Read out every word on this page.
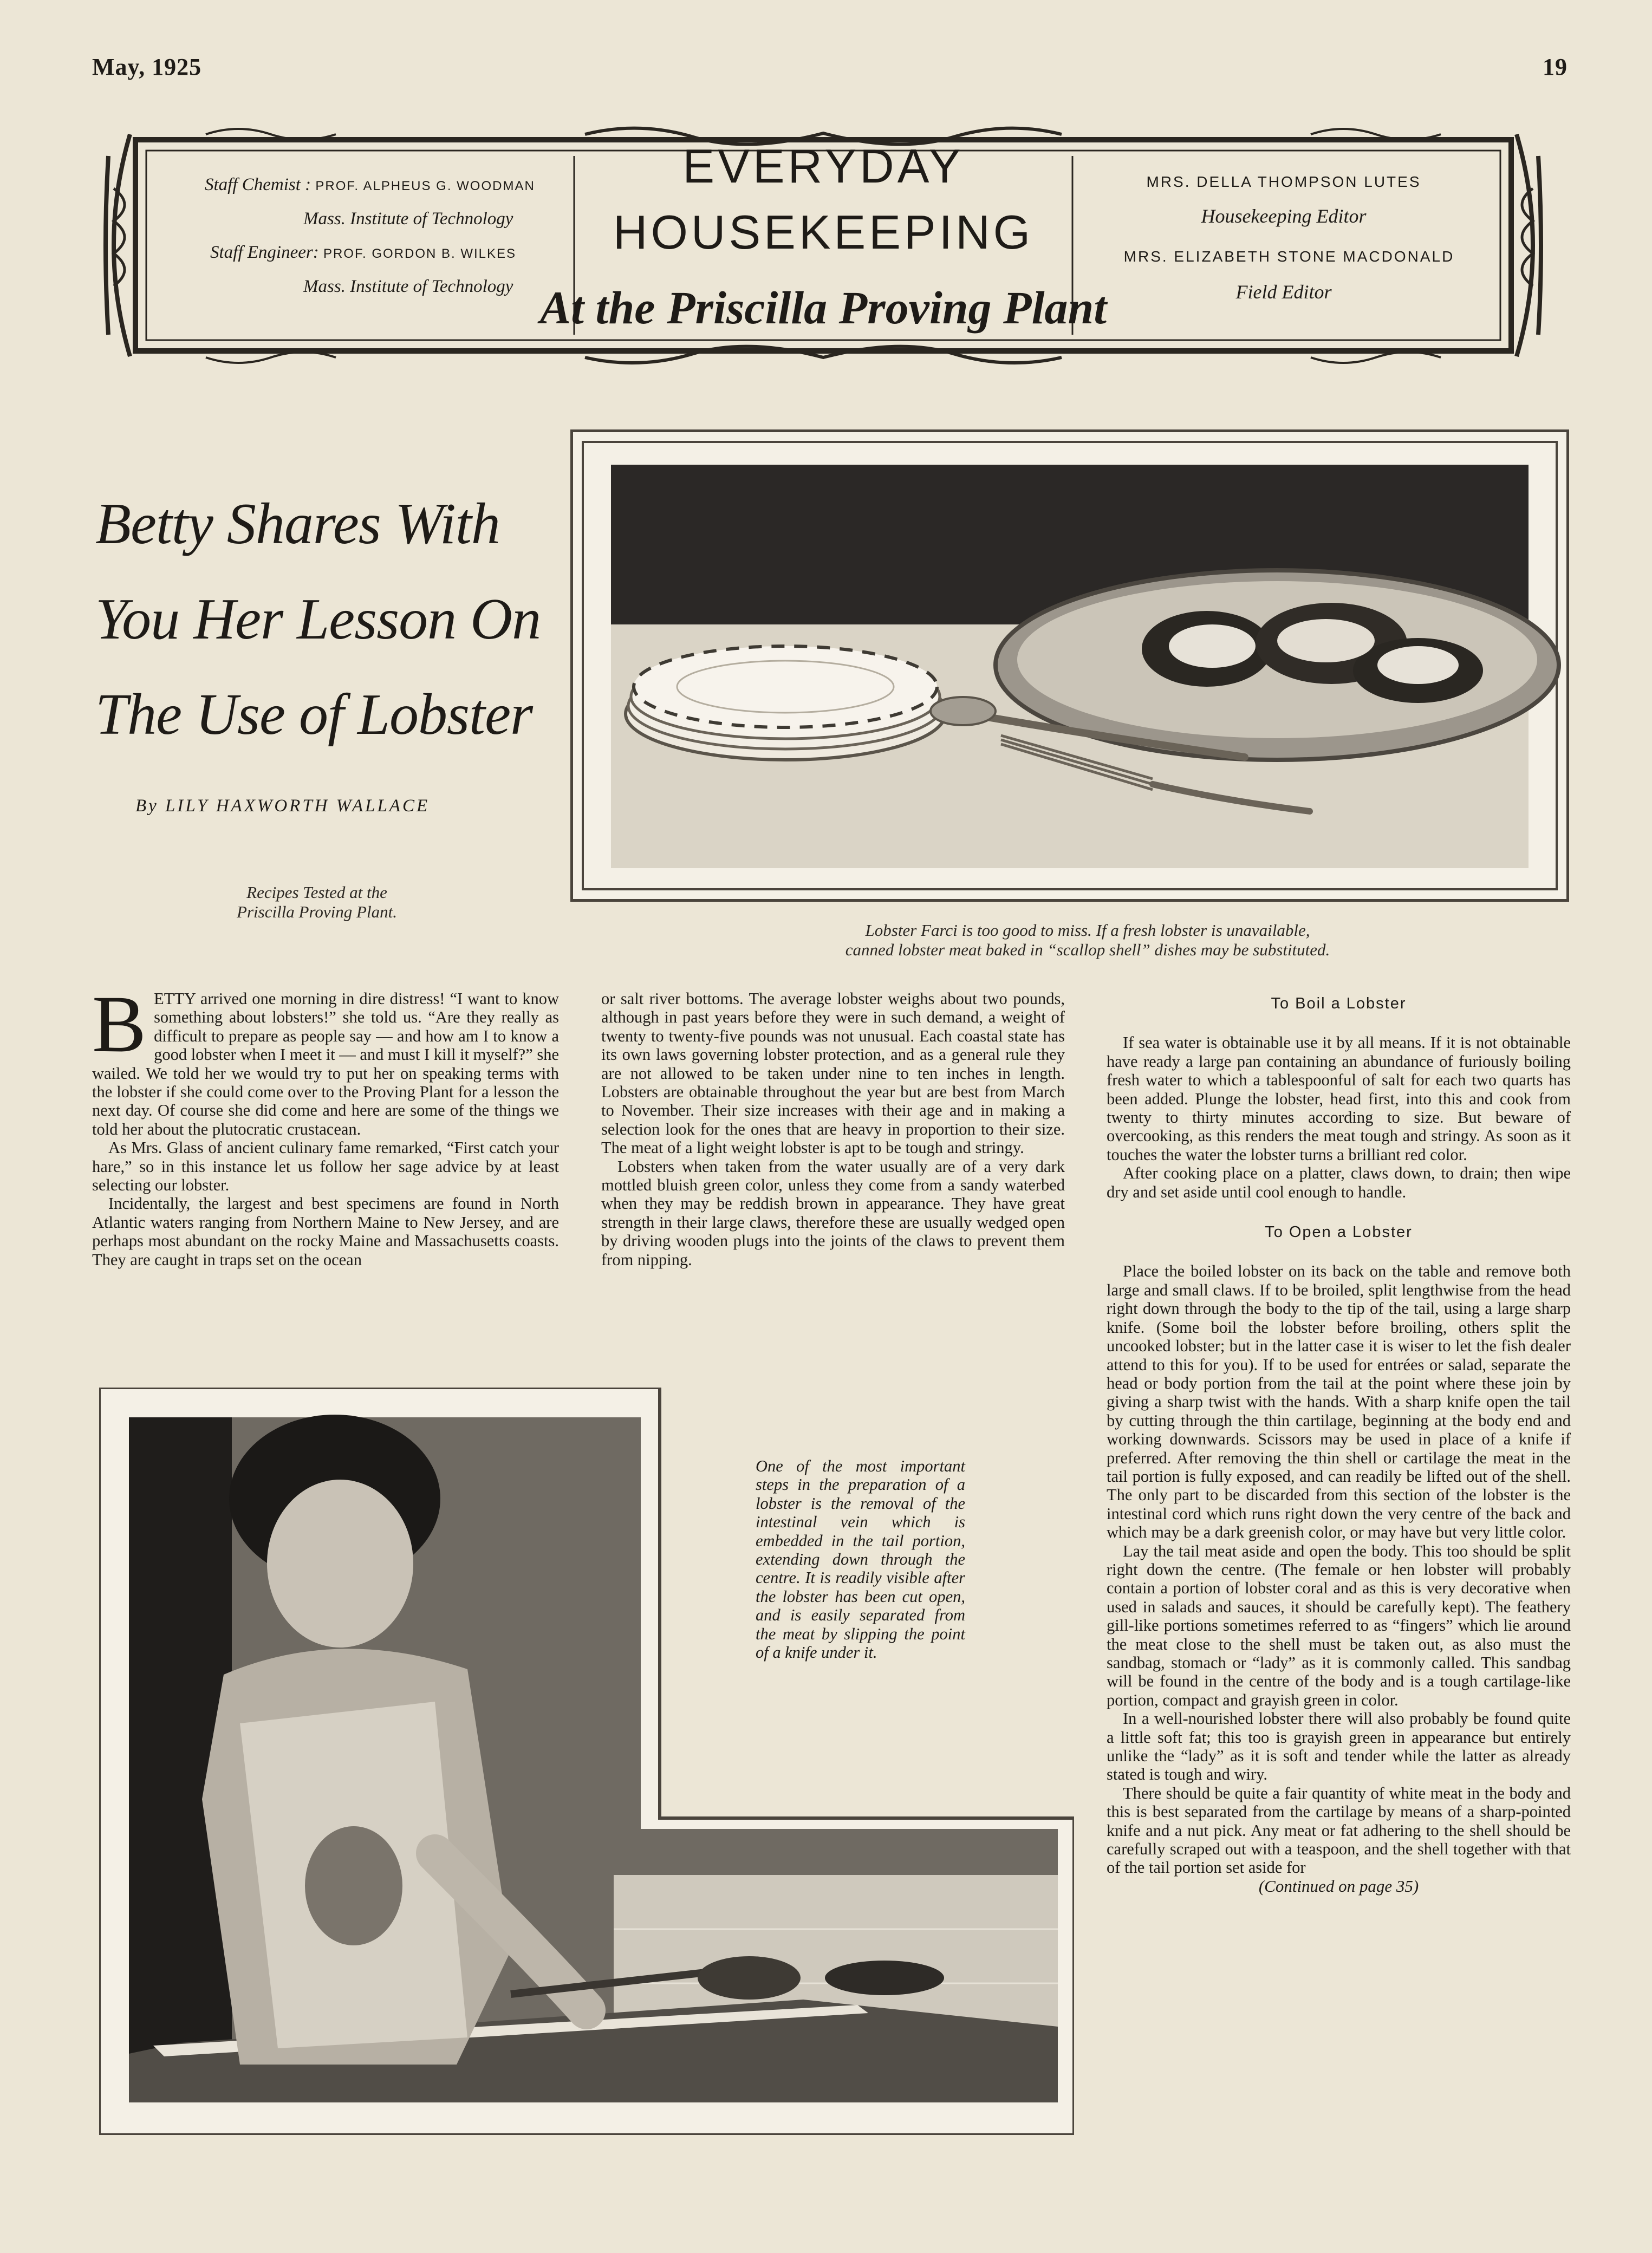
May, 1925	19
Staff Chemist : PROF. ALPHEUS G. WOODMAN
Mass. Institute of Technology
Staff Engineer: PROF. GORDON B. WILKES
Mass. Institute of Technology
EVERYDAY
HOUSEKEEPING
At the Priscilla Proving Plant
MRS. DELLA THOMPSON LUTES
Housekeeping Editor
MRS. ELIZABETH STONE MACDONALD
Field Editor
Betty Shares With
You Her Lesson On
The Use of Lobster
By LILY HAXWORTH WALLACE
Recipes Tested at the
Priscilla Proving Plant.
Lobster Farci is too good to miss. If a fresh lobster is unavailable,
canned lobster meat baked in “scallop shell” dishes may be substituted.

BETTY arrived one morning in dire distress! “I want to know something about lobsters!” she told us. “Are they really as difficult to prepare as people say — and how am I to know a good lobster when I meet it — and must I kill it myself?” she wailed. We told her we would try to put her on speaking terms with the lobster if she could come over to the Proving Plant for a lesson the next day. Of course she did come and here are some of the things we told her about the plutocratic crustacean.

As Mrs. Glass of ancient culinary fame remarked, “First catch your hare,” so in this instance let us follow her sage advice by at least selecting our lobster.

Incidentally, the largest and best specimens are found in North Atlantic waters ranging from Northern Maine to New Jersey, and are perhaps most abundant on the rocky Maine and Massachusetts coasts. They are caught in traps set on the ocean

or salt river bottoms. The average lobster weighs about two pounds, although in past years before they were in such demand, a weight of twenty to twenty-five pounds was not unusual. Each coastal state has its own laws governing lobster protection, and as a general rule they are not allowed to be taken under nine to ten inches in length. Lobsters are obtainable throughout the year but are best from March to November. Their size increases with their age and in making a selection look for the ones that are heavy in proportion to their size. The meat of a light weight lobster is apt to be tough and stringy.

Lobsters when taken from the water usually are of a very dark mottled bluish green color, unless they come from a sandy waterbed when they may be reddish brown in appearance. They have great strength in their large claws, therefore these are usually wedged open by driving wooden plugs into the joints of the claws to prevent them from nipping.

To Boil a Lobster

If sea water is obtainable use it by all means. If it is not obtainable have ready a large pan containing an abundance of furiously boiling fresh water to which a tablespoonful of salt for each two quarts has been added. Plunge the lobster, head first, into this and cook from twenty to thirty minutes according to size. But beware of overcooking, as this renders the meat tough and stringy. As soon as it touches the water the lobster turns a brilliant red color.

After cooking place on a platter, claws down, to drain; then wipe dry and set aside until cool enough to handle.

To Open a Lobster

Place the boiled lobster on its back on the table and remove both large and small claws. If to be broiled, split lengthwise from the head right down through the body to the tip of the tail, using a large sharp knife. (Some boil the lobster before broiling, others split the uncooked lobster; but in the latter case it is wiser to let the fish dealer attend to this for you). If to be used for entrées or salad, separate the head or body portion from the tail at the point where these join by giving a sharp twist with the hands. With a sharp knife open the tail by cutting through the thin cartilage, beginning at the body end and working downwards. Scissors may be used in place of a knife if preferred. After removing the thin shell or cartilage the meat in the tail portion is fully exposed, and can readily be lifted out of the shell. The only part to be discarded from this section of the lobster is the intestinal cord which runs right down the very centre of the back and which may be a dark greenish color, or may have but very little color.

Lay the tail meat aside and open the body. This too should be split right down the centre. (The female or hen lobster will probably contain a portion of lobster coral and as this is very decorative when used in salads and sauces, it should be carefully kept). The feathery gill-like portions sometimes referred to as “fingers” which lie around the meat close to the shell must be taken out, as also must the sandbag, stomach or “lady” as it is commonly called. This sandbag will be found in the centre of the body and is a tough cartilage-like portion, compact and grayish green in color.

In a well-nourished lobster there will also probably be found quite a little soft fat; this too is grayish green in appearance but entirely unlike the “lady” as it is soft and tender while the latter as already stated is tough and wiry.

There should be quite a fair quantity of white meat in the body and this is best separated from the cartilage by means of a sharp-pointed knife and a nut pick. Any meat or fat adhering to the shell should be carefully scraped out with a teaspoon, and the shell together with that of the tail portion set aside for

(Continued on page 35)
One of the most important steps in the preparation of a lobster is the removal of the intestinal vein which is embedded in the tail portion, extending down through the centre. It is readily visible after the lobster has been cut open, and is easily separated from the meat by slipping the point of a knife under it.
